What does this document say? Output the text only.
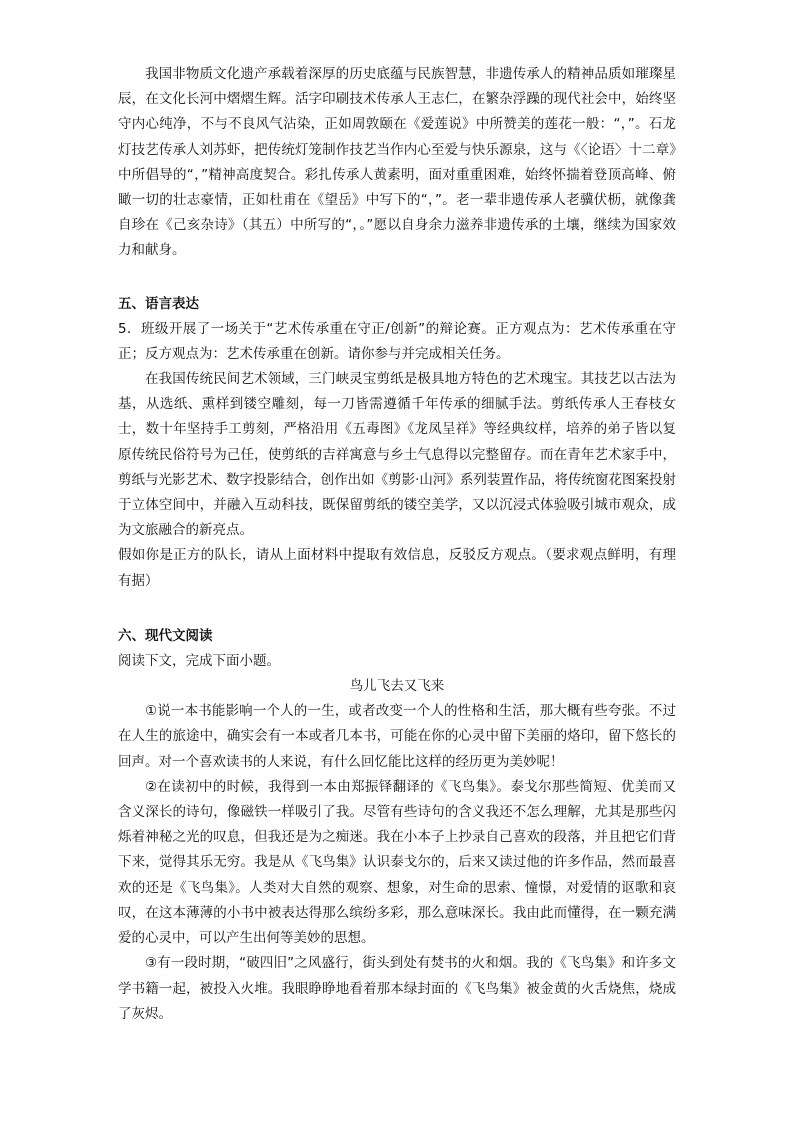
我国非物质文化遗产承载着深厚的历史底蕴与民族智慧，非遗传承人的精神品质如璀璨星辰，在文化长河中熠熠生辉。活字印刷技术传承人王志仁，在繁杂浮躁的现代社会中，始终坚守内心纯净，不与不良风气沾染，正如周敦颐在《爱莲说》中所赞美的莲花一般：“，”。石龙灯技艺传承人刘苏虾，把传统灯笼制作技艺当作内心至爱与快乐源泉，这与《〈论语〉十二章》中所倡导的“，”精神高度契合。彩扎传承人黄素明，面对重重困难，始终怀揣着登顶高峰、俯瞰一切的壮志豪情，正如杜甫在《望岳》中写下的“，”。老一辈非遗传承人老骥伏枥，就像龚自珍在《己亥杂诗》（其五）中所写的“，。”愿以自身余力滋养非遗传承的土壤，继续为国家效力和献身。

五、语言表达

5．班级开展了一场关于“艺术传承重在守正/创新”的辩论赛。正方观点为：艺术传承重在守正；反方观点为：艺术传承重在创新。请你参与并完成相关任务。

在我国传统民间艺术领域，三门峡灵宝剪纸是极具地方特色的艺术瑰宝。其技艺以古法为基，从选纸、熏样到镂空雕刻，每一刀皆需遵循千年传承的细腻手法。剪纸传承人王春枝女士，数十年坚持手工剪刻，严格沿用《五毒图》《龙凤呈祥》等经典纹样，培养的弟子皆以复原传统民俗符号为己任，使剪纸的吉祥寓意与乡土气息得以完整留存。而在青年艺术家手中，剪纸与光影艺术、数字投影结合，创作出如《剪影·山河》系列装置作品，将传统窗花图案投射于立体空间中，并融入互动科技，既保留剪纸的镂空美学，又以沉浸式体验吸引城市观众，成为文旅融合的新亮点。

假如你是正方的队长，请从上面材料中提取有效信息，反驳反方观点。（要求观点鲜明，有理有据）

六、现代文阅读

阅读下文，完成下面小题。

鸟儿飞去又飞来

①说一本书能影响一个人的一生，或者改变一个人的性格和生活，那大概有些夸张。不过在人生的旅途中，确实会有一本或者几本书，可能在你的心灵中留下美丽的烙印，留下悠长的回声。对一个喜欢读书的人来说，有什么回忆能比这样的经历更为美妙呢！

②在读初中的时候，我得到一本由郑振铎翻译的《飞鸟集》。泰戈尔那些简短、优美而又含义深长的诗句，像磁铁一样吸引了我。尽管有些诗句的含义我还不怎么理解，尤其是那些闪烁着神秘之光的叹息，但我还是为之痴迷。我在小本子上抄录自己喜欢的段落，并且把它们背下来，觉得其乐无穷。我是从《飞鸟集》认识泰戈尔的，后来又读过他的许多作品，然而最喜欢的还是《飞鸟集》。人类对大自然的观察、想象，对生命的思索、憧憬，对爱情的讴歌和哀叹，在这本薄薄的小书中被表达得那么缤纷多彩，那么意味深长。我由此而懂得，在一颗充满爱的心灵中，可以产生出何等美妙的思想。

③有一段时期，“破四旧”之风盛行，街头到处有焚书的火和烟。我的《飞鸟集》和许多文学书籍一起，被投入火堆。我眼睁睁地看着那本绿封面的《飞鸟集》被金黄的火舌烧焦，烧成了灰烬。
